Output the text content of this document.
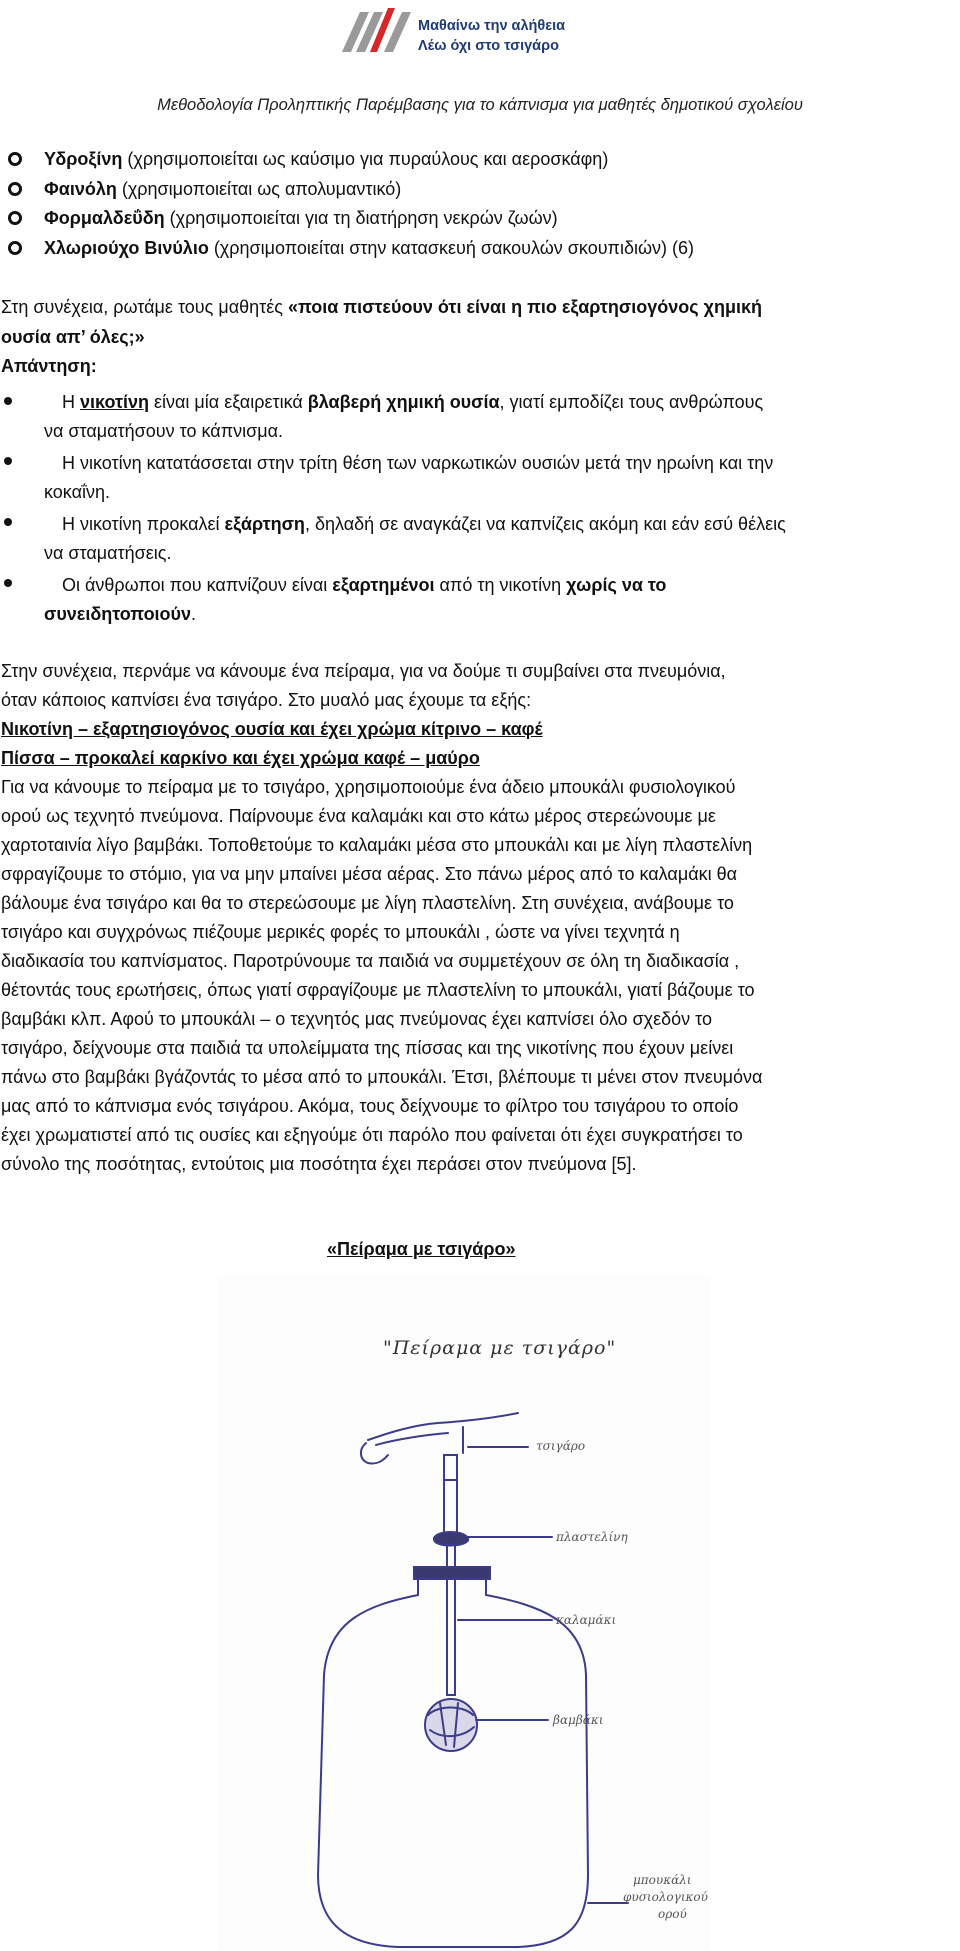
Μαθαίνω την αλήθεια
Λέω όχι στο τσιγάρο
Μεθοδολογία Προληπτικής Παρέμβασης για το κάπνισμα για μαθητές δημοτικού σχολείου
Υδροξίνη (χρησιμοποιείται ως καύσιμο για πυραύλους και αεροσκάφη)
Φαινόλη (χρησιμοποιείται ως απολυμαντικό)
Φορμαλδεΰδη (χρησιμοποιείται για τη διατήρηση νεκρών ζωών)
Χλωριούχο Βινύλιο (χρησιμοποιείται στην κατασκευή σακουλών σκουπιδιών) (6)
Στη συνέχεια, ρωτάμε τους μαθητές «ποια πιστεύουν ότι είναι η πιο εξαρτησιογόνος χημική
ουσία απ’ όλες;»
Απάντηση:
Η νικοτίνη είναι μία εξαιρετικά βλαβερή χημική ουσία, γιατί εμποδίζει τους ανθρώπους
να σταματήσουν το κάπνισμα.
Η νικοτίνη κατατάσσεται στην τρίτη θέση των ναρκωτικών ουσιών μετά την ηρωίνη και την
κοκαΐνη.
Η νικοτίνη προκαλεί εξάρτηση, δηλαδή σε αναγκάζει να καπνίζεις ακόμη και εάν εσύ θέλεις
να σταματήσεις.
Οι άνθρωποι που καπνίζουν είναι εξαρτημένοι από τη νικοτίνη χωρίς να το
συνειδητοποιούν.
Στην συνέχεια, περνάμε να κάνουμε ένα πείραμα, για να δούμε τι συμβαίνει στα πνευμόνια,
όταν κάποιος καπνίσει ένα τσιγάρο. Στο μυαλό μας έχουμε τα εξής:
Νικοτίνη – εξαρτησιογόνος ουσία και έχει χρώμα κίτρινο – καφέ
Πίσσα – προκαλεί καρκίνο και έχει χρώμα καφέ – μαύρο
Για να κάνουμε το πείραμα με το τσιγάρο, χρησιμοποιούμε ένα άδειο μπουκάλι φυσιολογικού
ορού ως τεχνητό πνεύμονα. Παίρνουμε ένα καλαμάκι και στο κάτω μέρος στερεώνουμε με
χαρτοταινία λίγο βαμβάκι. Τοποθετούμε το καλαμάκι μέσα στο μπουκάλι και με λίγη πλαστελίνη
σφραγίζουμε το στόμιο, για να μην μπαίνει μέσα αέρας. Στο πάνω μέρος από το καλαμάκι θα
βάλουμε ένα τσιγάρο και θα το στερεώσουμε με λίγη πλαστελίνη. Στη συνέχεια, ανάβουμε το
τσιγάρο και συγχρόνως πιέζουμε μερικές φορές το μπουκάλι , ώστε να γίνει τεχνητά η
διαδικασία του καπνίσματος. Παροτρύνουμε τα παιδιά να συμμετέχουν σε όλη τη διαδικασία ,
θέτοντάς τους ερωτήσεις, όπως γιατί σφραγίζουμε με πλαστελίνη το μπουκάλι, γιατί βάζουμε το
βαμβάκι κλπ. Αφού το μπουκάλι – ο τεχνητός μας πνεύμονας έχει καπνίσει όλο σχεδόν το
τσιγάρο, δείχνουμε στα παιδιά τα υπολείμματα της πίσσας και της νικοτίνης που έχουν μείνει
πάνω στο βαμβάκι βγάζοντάς το μέσα από το μπουκάλι. Έτσι, βλέπουμε τι μένει στον πνευμόνα
μας από το κάπνισμα ενός τσιγάρου. Ακόμα, τους δείχνουμε το φίλτρο του τσιγάρου το οποίο
έχει χρωματιστεί από τις ουσίες και εξηγούμε ότι παρόλο που φαίνεται ότι έχει συγκρατήσει το
σύνολο της ποσότητας, εντούτοις μια ποσότητα έχει περάσει στον πνεύμονα [5].
«Πείραμα με τσιγάρο»
"Πείραμα με τσιγάρο"
τσιγάρο
πλαστελίνη
καλαμάκι
βαμβάκι
μπουκάλι
φυσιολογικού
ορού
